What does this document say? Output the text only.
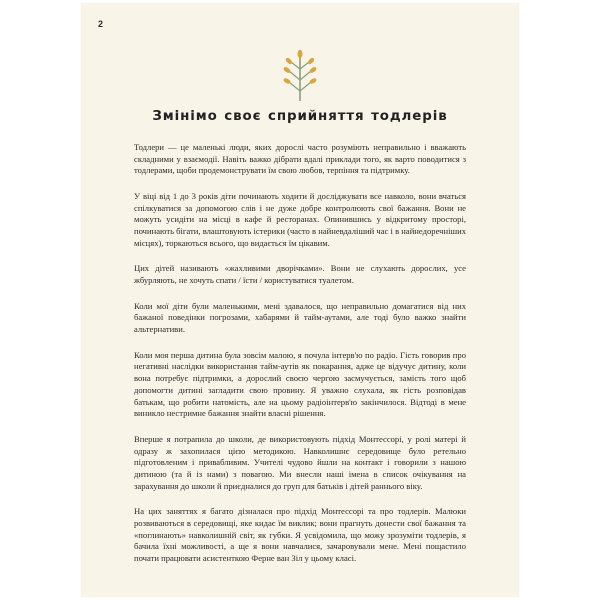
2
Змінімо своє сприйняття тодлерів

Тодлери — це маленькі люди, яких дорослі часто розуміють неправильно і вважають складними у взаємодії. Навіть важко дібрати вдалі приклади того, як варто поводитися з тодлерами, щоби продемонструвати їм свою любов, терпіння та підтримку.

У віці від 1 до 3 років діти починають ходити й досліджувати все навколо, вони вчаться спілкуватися за допомогою слів і не дуже добре контролюють свої бажання. Вони не можуть усидіти на місці в кафе й ресторанах. Опинившись у відкритому просторі, починають бігати, влаштовують істерики (часто в найневдаліший час і в найнедоречніших місцях), торкаються всього, що видається їм цікавим.

Цих дітей називають «жахливими дворічками». Вони не слухають дорослих, усе жбурляють, не хочуть спати / їсти / користуватися туалетом.

Коли мої діти були маленькими, мені здавалося, що неправильно домагатися від них бажаної поведінки погрозами, хабарями й тайм-аутами, але тоді було важко знайти альтернативи.

Коли моя перша дитина була зовсім малою, я почула інтерв'ю по радіо. Гість говорив про негативні наслідки використання тайм-аутів як покарання, адже це відучує дитину, коли вона потребує підтримки, а дорослий своєю чергою засмучується, замість того щоб допомогти дитині загладити свою провину. Я уважно слухала, як гість розповідав батькам, що робити натомість, але на цьому радіоінтерв'ю закінчилося. Відтоді в мене виникло нестримне бажання знайти власні рішення.

Вперше я потрапила до школи, де використовують підхід Монтессорі, у ролі матері й одразу ж захопилася цією методикою. Навколишнє середовище було ретельно підготовленим і привабливим. Учителі чудово йшли на контакт і говорили з нашою дитиною (та й із нами) з повагою. Ми внесли наші імена в список очікування на зарахування до школи й приєдналися до груп для батьків і дітей раннього віку.

На цих заняттях я багато дізналася про підхід Монтессорі та про тодлерів. Малюки розвиваються в середовищі, яке кидає їм виклик; вони прагнуть донести свої бажання та «поглинають» навколишній світ, як губки. Я усвідомила, що можу зрозуміти тодлерів, я бачила їхні можливості, а ще я вони навчалися, зачаровували мене. Мені пощастило почати працювати асистенткою Ферне ван Зіл у цьому класі.
